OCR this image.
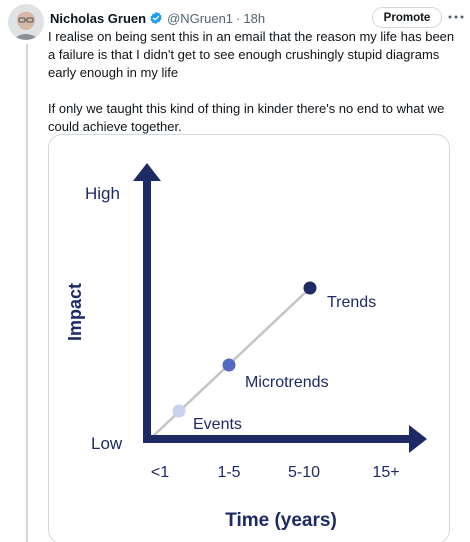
Nicholas Gruen @NGruen1 · 18h	Promote

I realise on being sent this in an email that the reason my life has been a failure is that I didn't get to see enough crushingly stupid diagrams early enough in my life

If only we taught this kind of thing in kinder there's no end to what we could achieve together.

High
Low
Impact
Events
Microtrends
Trends
<1	1-5	5-10	15+
Time (years)
